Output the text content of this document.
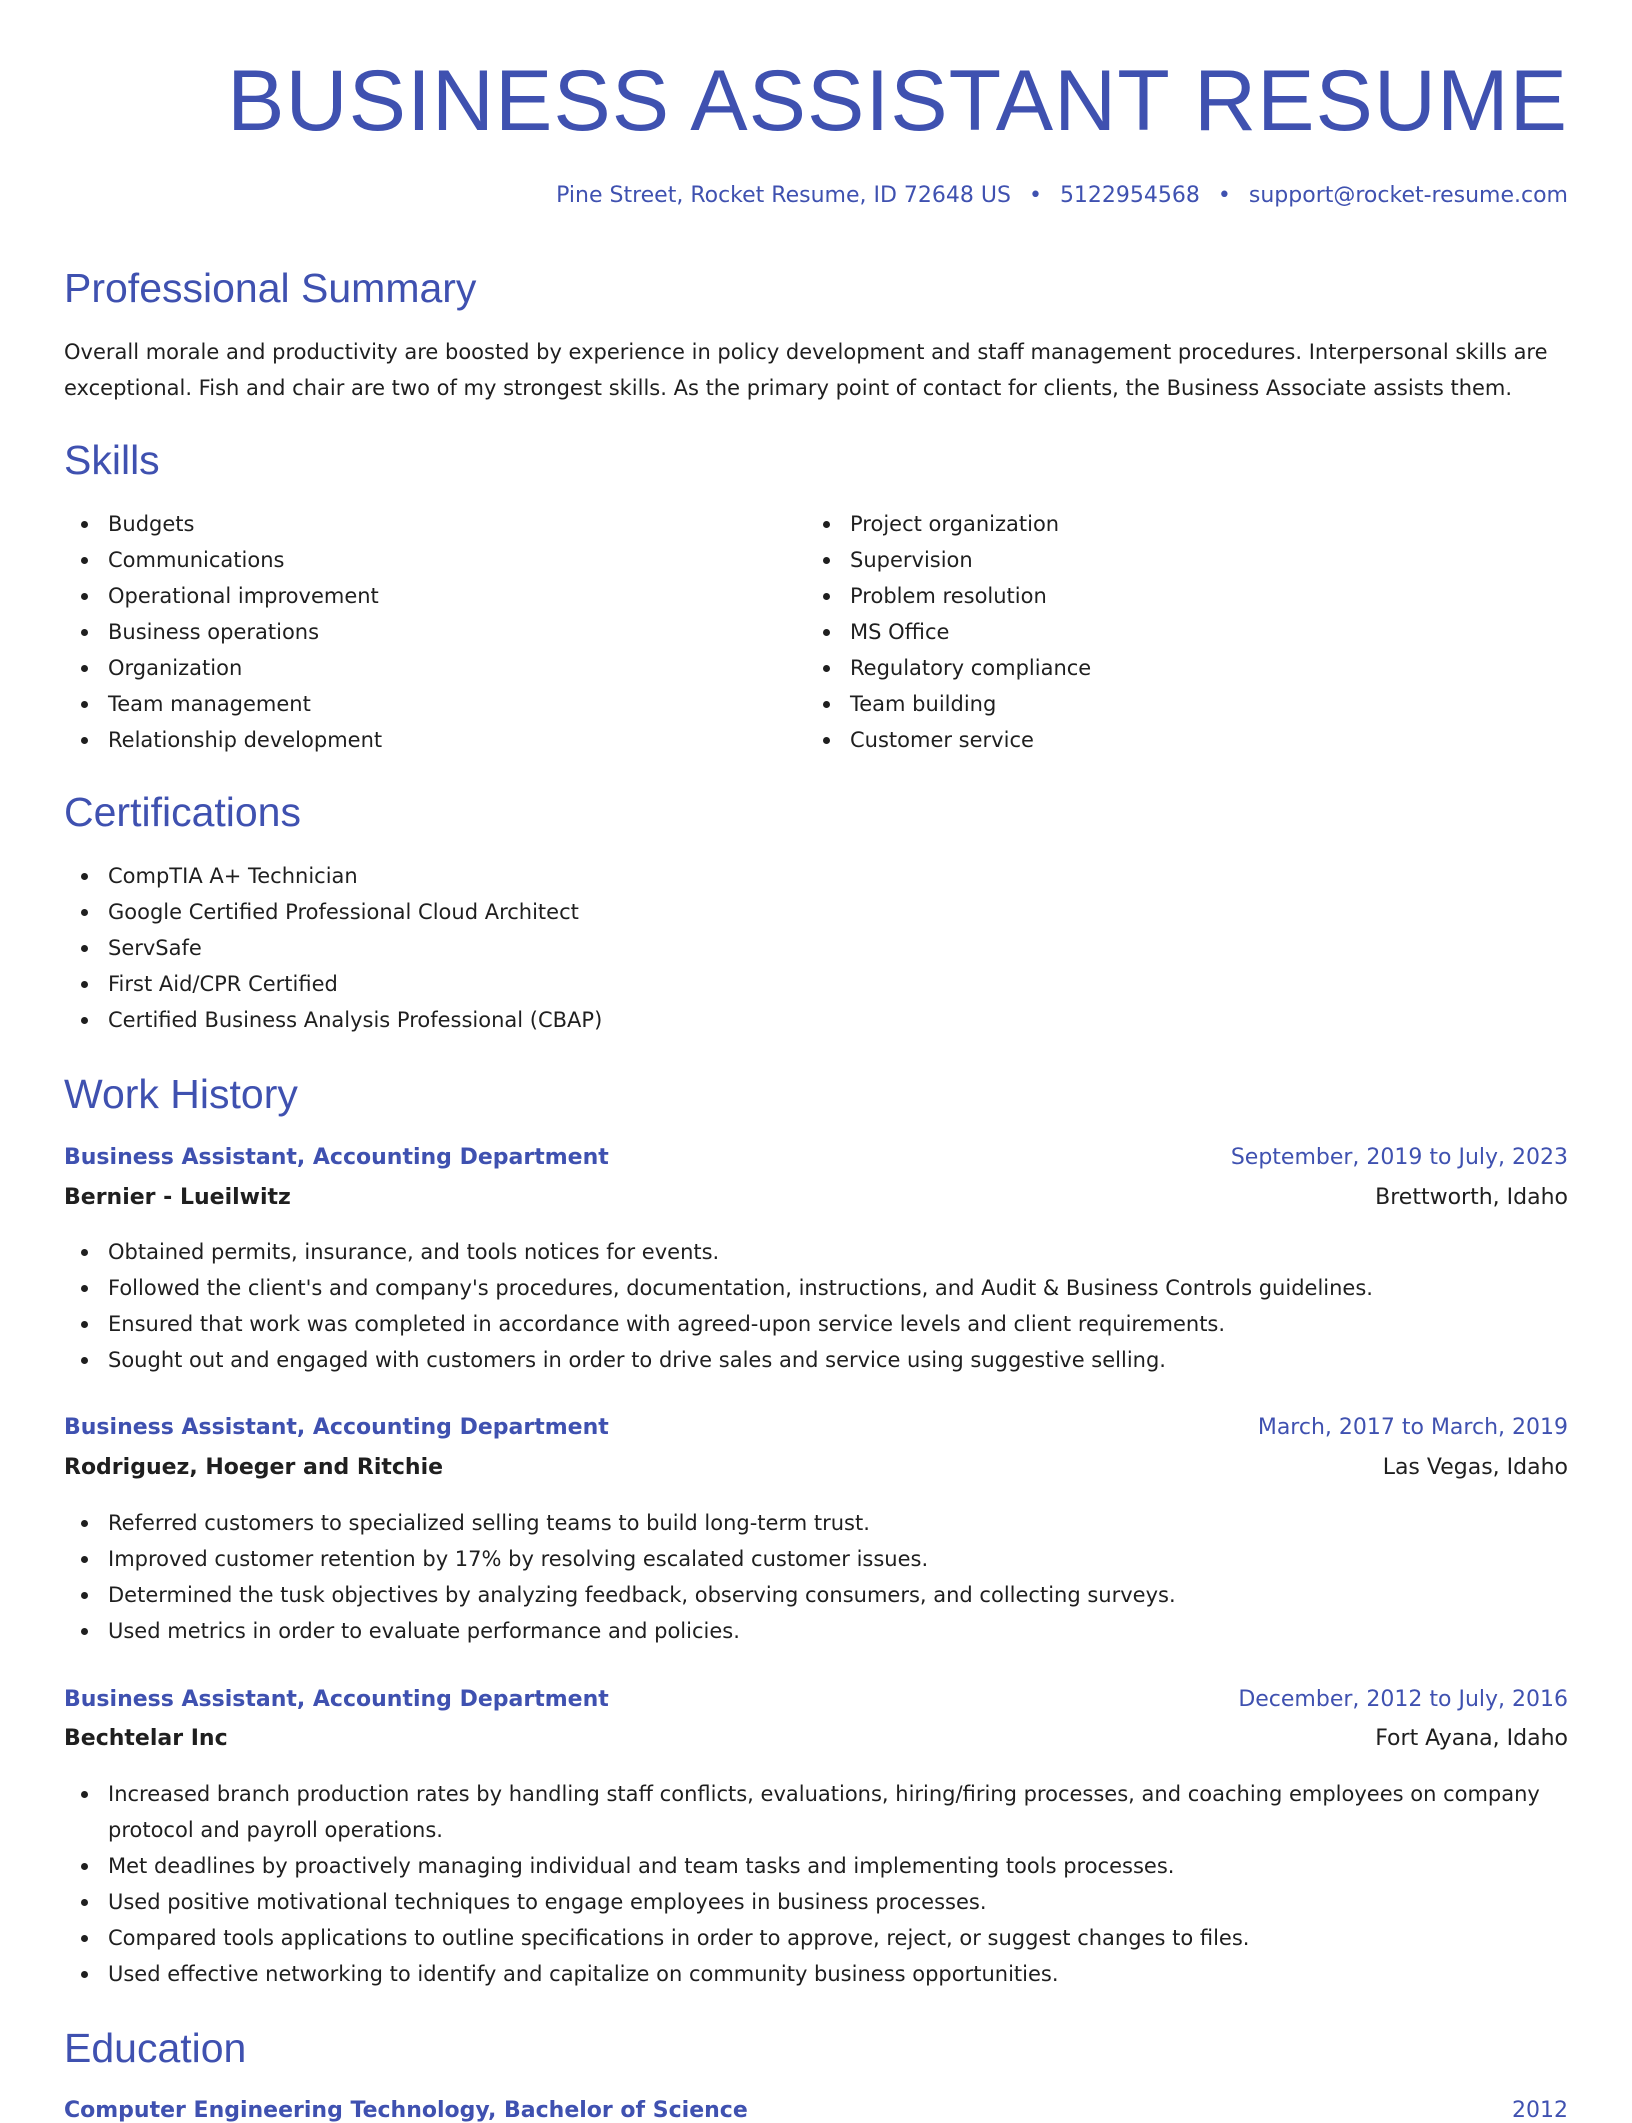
BUSINESS ASSISTANT RESUME
Pine Street, Rocket Resume, ID 72648 US • 5122954568 • support@rocket-resume.com
Professional Summary

Overall morale and productivity are boosted by experience in policy development and staff management procedures. Interpersonal skills are exceptional. Fish and chair are two of my strongest skills. As the primary point of contact for clients, the Business Associate assists them.

Skills
Budgets
Communications
Operational improvement
Business operations
Organization
Team management
Relationship development
Project organization
Supervision
Problem resolution
MS Office
Regulatory compliance
Team building
Customer service
Certifications
CompTIA A+ Technician
Google Certified Professional Cloud Architect
ServSafe
First Aid/CPR Certified
Certified Business Analysis Professional (CBAP)
Work History
Business Assistant, Accounting Department	September, 2019 to July, 2023
Bernier - Lueilwitz	Brettworth, Idaho
Obtained permits, insurance, and tools notices for events.
Followed the client's and company's procedures, documentation, instructions, and Audit & Business Controls guidelines.
Ensured that work was completed in accordance with agreed-upon service levels and client requirements.
Sought out and engaged with customers in order to drive sales and service using suggestive selling.
Business Assistant, Accounting Department	March, 2017 to March, 2019
Rodriguez, Hoeger and Ritchie	Las Vegas, Idaho
Referred customers to specialized selling teams to build long-term trust.
Improved customer retention by 17% by resolving escalated customer issues.
Determined the tusk objectives by analyzing feedback, observing consumers, and collecting surveys.
Used metrics in order to evaluate performance and policies.
Business Assistant, Accounting Department	December, 2012 to July, 2016
Bechtelar Inc	Fort Ayana, Idaho
Increased branch production rates by handling staff conflicts, evaluations, hiring/firing processes, and coaching employees on company protocol and payroll operations.
Met deadlines by proactively managing individual and team tasks and implementing tools processes.
Used positive motivational techniques to engage employees in business processes.
Compared tools applications to outline specifications in order to approve, reject, or suggest changes to files.
Used effective networking to identify and capitalize on community business opportunities.
Education
Computer Engineering Technology, Bachelor of Science	2012
